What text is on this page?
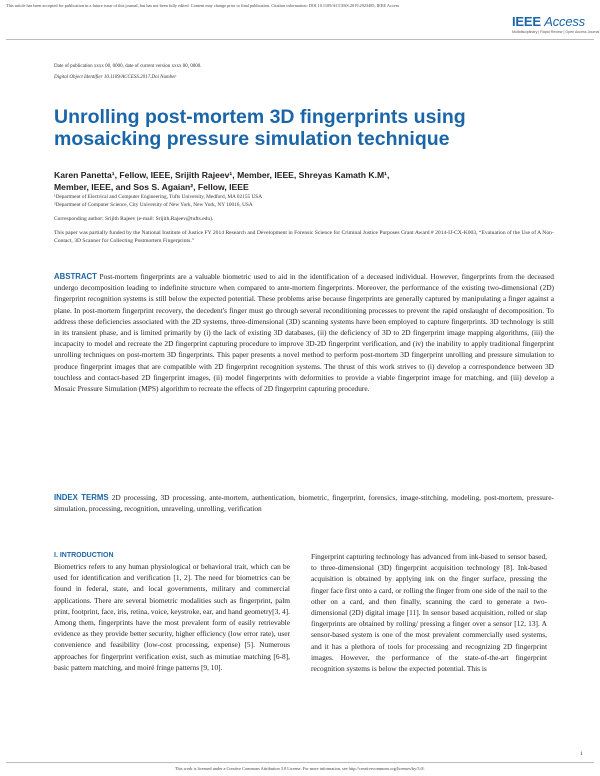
This article has been accepted for publication in a future issue of this journal, but has not been fully edited. Content may change prior to final publication. Citation information: DOI 10.1109/ACCESS.2019.2923485, IEEE Access
IEEE Access
Multidisciplinary | Rapid Review | Open Access Journal
Date of publication xxxx 00, 0000, date of current version xxxx 00, 0000.
Digital Object Identifier 10.1109/ACCESS.2017.Doi Number
Unrolling post-mortem 3D fingerprints using mosaicking pressure simulation technique
Karen Panetta¹, Fellow, IEEE, Srijith Rajeev¹, Member, IEEE, Shreyas Kamath K.M¹,
Member, IEEE, and Sos S. Agaian², Fellow, IEEE
¹Department of Electrical and Computer Engineering, Tufts University, Medford, MA 02155 USA
²Department of Computer Science, City University of New York, New York, NY 10016, USA
Corresponding author: Srijith Rajeev (e-mail: Srijith.Rajeev@tufts.edu).
This paper was partially funded by the National Institute of Justice FY 2014 Research and Development in Forensic Science for Criminal Justice Purposes Grant Award # 2014-IJ-CX-K003, “Evaluation of the Use of A Non-Contact, 3D Scanner for Collecting Postmortem Fingerprints.”
ABSTRACT Post-mortem fingerprints are a valuable biometric used to aid in the identification of a deceased individual. However, fingerprints from the deceased undergo decomposition leading to indefinite structure when compared to ante-mortem fingerprints. Moreover, the performance of the existing two-dimensional (2D) fingerprint recognition systems is still below the expected potential. These problems arise because fingerprints are generally captured by manipulating a finger against a plane. In post-mortem fingerprint recovery, the decedent's finger must go through several reconditioning processes to prevent the rapid onslaught of decomposition. To address these deficiencies associated with the 2D systems, three-dimensional (3D) scanning systems have been employed to capture fingerprints. 3D technology is still in its transient phase, and is limited primarily by (i) the lack of existing 3D databases, (ii) the deficiency of 3D to 2D fingerprint image mapping algorithms, (iii) the incapacity to model and recreate the 2D fingerprint capturing procedure to improve 3D-2D fingerprint verification, and (iv) the inability to apply traditional fingerprint unrolling techniques on post-mortem 3D fingerprints. This paper presents a novel method to perform post-mortem 3D fingerprint unrolling and pressure simulation to produce fingerprint images that are compatible with 2D fingerprint recognition systems. The thrust of this work strives to (i) develop a correspondence between 3D touchless and contact-based 2D fingerprint images, (ii) model fingerprints with deformities to provide a viable fingerprint image for matching, and (iii) develop a Mosaic Pressure Simulation (MPS) algorithm to recreate the effects of 2D fingerprint capturing procedure.
INDEX TERMS 2D processing, 3D processing, ante-mortem, authentication, biometric, fingerprint, forensics, image-stitching, modeling, post-mortem, pressure-simulation, processing, recognition, unraveling, unrolling, verification
I. INTRODUCTION
Biometrics refers to any human physiological or behavioral trait, which can be used for identification and verification [1, 2]. The need for biometrics can be found in federal, state, and local governments, military and commercial applications. There are several biometric modalities such as fingerprint, palm print, footprint, face, iris, retina, voice, keystroke, ear, and hand geometry[3, 4]. Among them, fingerprints have the most prevalent form of easily retrievable evidence as they provide better security, higher efficiency (low error rate), user convenience and feasibility (low-cost processing, expense) [5]. Numerous approaches for fingerprint verification exist, such as minutiae matching [6-8], basic pattern matching, and moiré fringe patterns [9, 10].
Fingerprint capturing technology has advanced from ink-based to sensor based, to three-dimensional (3D) fingerprint acquisition technology [8]. Ink-based acquisition is obtained by applying ink on the finger surface, pressing the finger face first onto a card, or rolling the finger from one side of the nail to the other on a card, and then finally, scanning the card to generate a two-dimensional (2D) digital image [11]. In sensor based acquisition, rolled or slap fingerprints are obtained by rolling/ pressing a finger over a sensor [12, 13]. A sensor-based system is one of the most prevalent commercially used systems, and it has a plethora of tools for processing and recognizing 2D fingerprint images. However, the performance of the state-of-the-art fingerprint recognition systems is below the expected potential. This is
1
This work is licensed under a Creative Commons Attribution 3.0 License. For more information, see http://creativecommons.org/licenses/by/3.0/.
